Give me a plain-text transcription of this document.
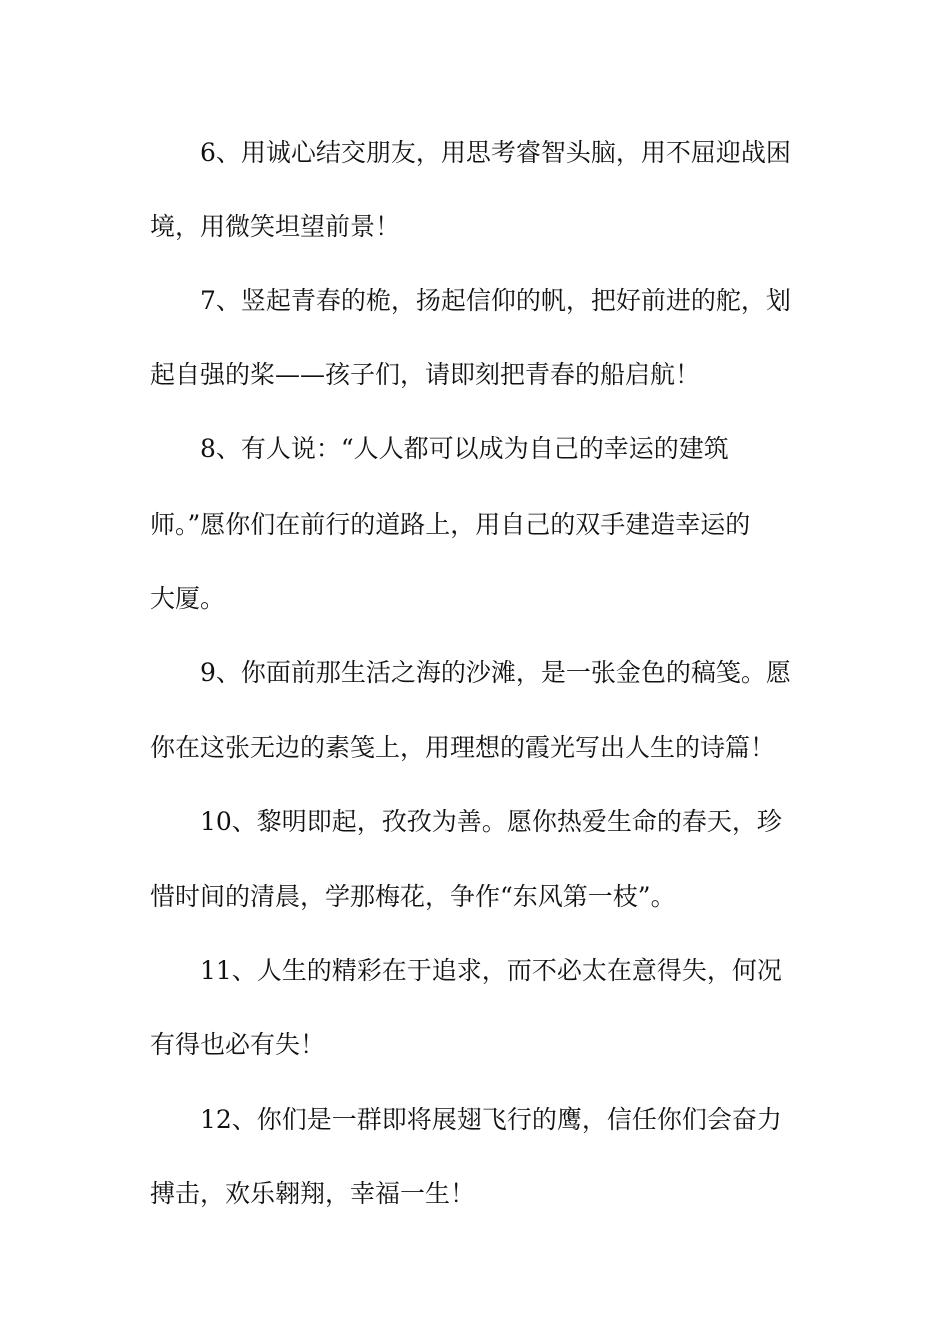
6、用诚心结交朋友，用思考睿智头脑，用不屈迎战困
境，用微笑坦望前景！
7、竖起青春的桅，扬起信仰的帆，把好前进的舵，划
起自强的桨——孩子们，请即刻把青春的船启航！
8、有人说：“人人都可以成为自己的幸运的建筑
师。”愿你们在前行的道路上，用自己的双手建造幸运的
大厦。
9、你面前那生活之海的沙滩，是一张金色的稿笺。愿
你在这张无边的素笺上，用理想的霞光写出人生的诗篇！
10、黎明即起，孜孜为善。愿你热爱生命的春天，珍
惜时间的清晨，学那梅花，争作“东风第一枝”。
11、人生的精彩在于追求，而不必太在意得失，何况
有得也必有失！
12、你们是一群即将展翅飞行的鹰，信任你们会奋力
搏击，欢乐翱翔，幸福一生！
